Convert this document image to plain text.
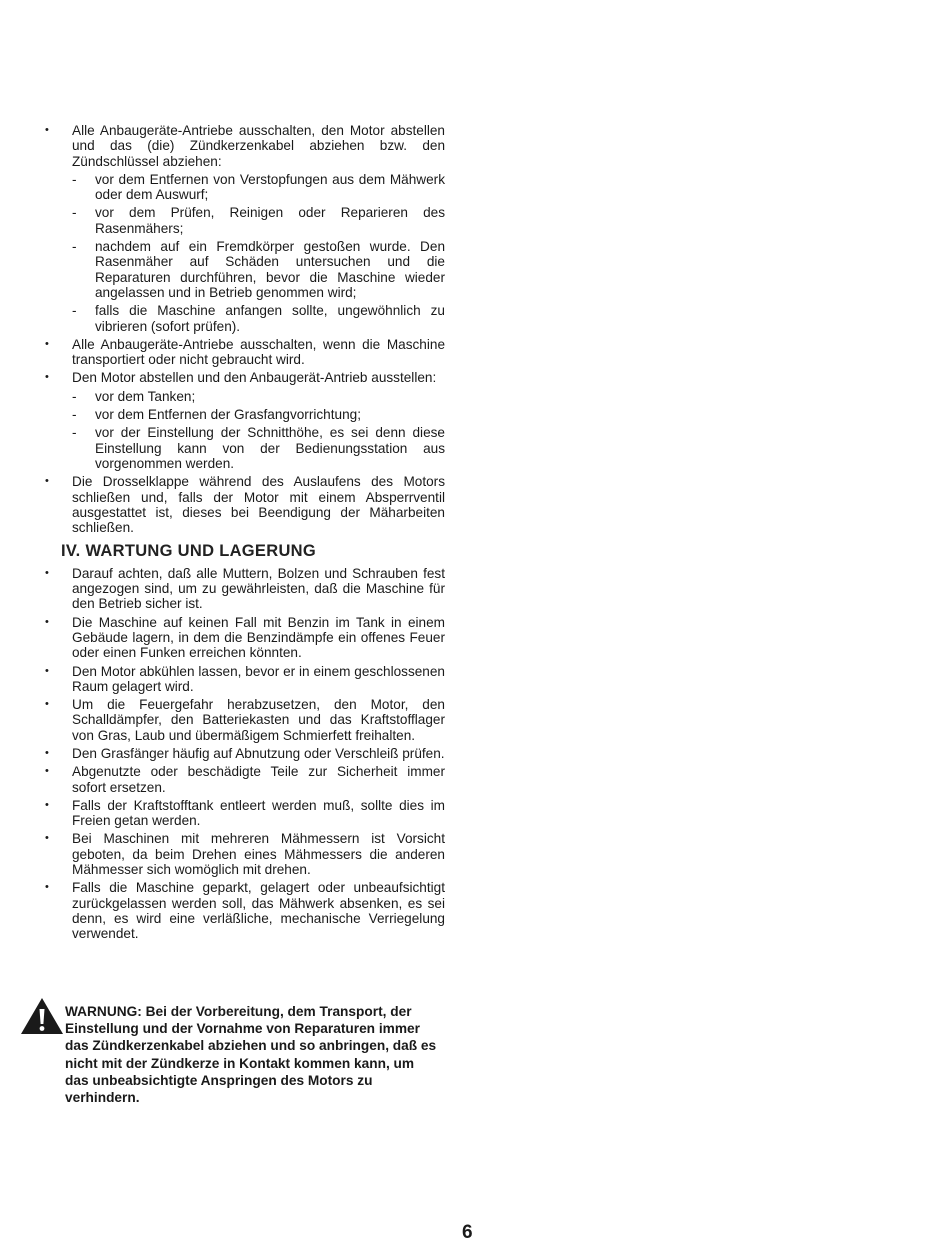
• Alle Anbaugeräte-Antriebe ausschalten, den Motor abstellen und das (die) Zündkerzenkabel abziehen bzw. den Zündschlüssel abziehen:
- vor dem Entfernen von Verstopfungen aus dem Mähwerk oder dem Auswurf;
- vor dem Prüfen, Reinigen oder Reparieren des Rasenmähers;
- nachdem auf ein Fremdkörper gestoßen wurde. Den Rasenmäher auf Schäden untersuchen und die Reparaturen durchführen, bevor die Maschine wieder angelassen und in Betrieb genommen wird;
- falls die Maschine anfangen sollte, ungewöhnlich zu vibrieren (sofort prüfen).
• Alle Anbaugeräte-Antriebe ausschalten, wenn die Maschine transportiert oder nicht gebraucht wird.
• Den Motor abstellen und den Anbaugerät-Antrieb ausstellen:
- vor dem Tanken;
- vor dem Entfernen der Grasfangvorrichtung;
- vor der Einstellung der Schnitthöhe, es sei denn diese Einstellung kann von der Bedienungsstation aus vorgenommen werden.
• Die Drosselklappe während des Auslaufens des Motors schließen und, falls der Motor mit einem Absperrventil ausgestattet ist, dieses bei Beendigung der Mäharbeiten schließen.
IV. WARTUNG UND LAGERUNG
• Darauf achten, daß alle Muttern, Bolzen und Schrauben fest angezogen sind, um zu gewährleisten, daß die Maschine für den Betrieb sicher ist.
• Die Maschine auf keinen Fall mit Benzin im Tank in einem Gebäude lagern, in dem die Benzindämpfe ein offenes Feuer oder einen Funken erreichen könnten.
• Den Motor abkühlen lassen, bevor er in einem geschlossenen Raum gelagert wird.
• Um die Feuergefahr herabzusetzen, den Motor, den Schalldämpfer, den Batteriekasten und das Kraftstofflager von Gras, Laub und übermäßigem Schmierfett freihalten.
• Den Grasfänger häufig auf Abnutzung oder Verschleiß prüfen.
• Abgenutzte oder beschädigte Teile zur Sicherheit immer sofort ersetzen.
• Falls der Kraftstofftank entleert werden muß, sollte dies im Freien getan werden.
• Bei Maschinen mit mehreren Mähmessern ist Vorsicht geboten, da beim Drehen eines Mähmessers die anderen Mähmesser sich womöglich mit drehen.
• Falls die Maschine geparkt, gelagert oder unbeaufsichtigt zurückgelassen werden soll, das Mähwerk absenken, es sei denn, es wird eine verläßliche, mechanische Verriegelung verwendet.
WARNUNG: Bei der Vorbereitung, dem Transport, der Einstellung und der Vornahme von Reparaturen immer das Zündkerzenkabel abziehen und so anbringen, daß es nicht mit der Zündkerze in Kontakt kommen kann, um das unbeabsichtigte Anspringen des Motors zu verhindern.
6
